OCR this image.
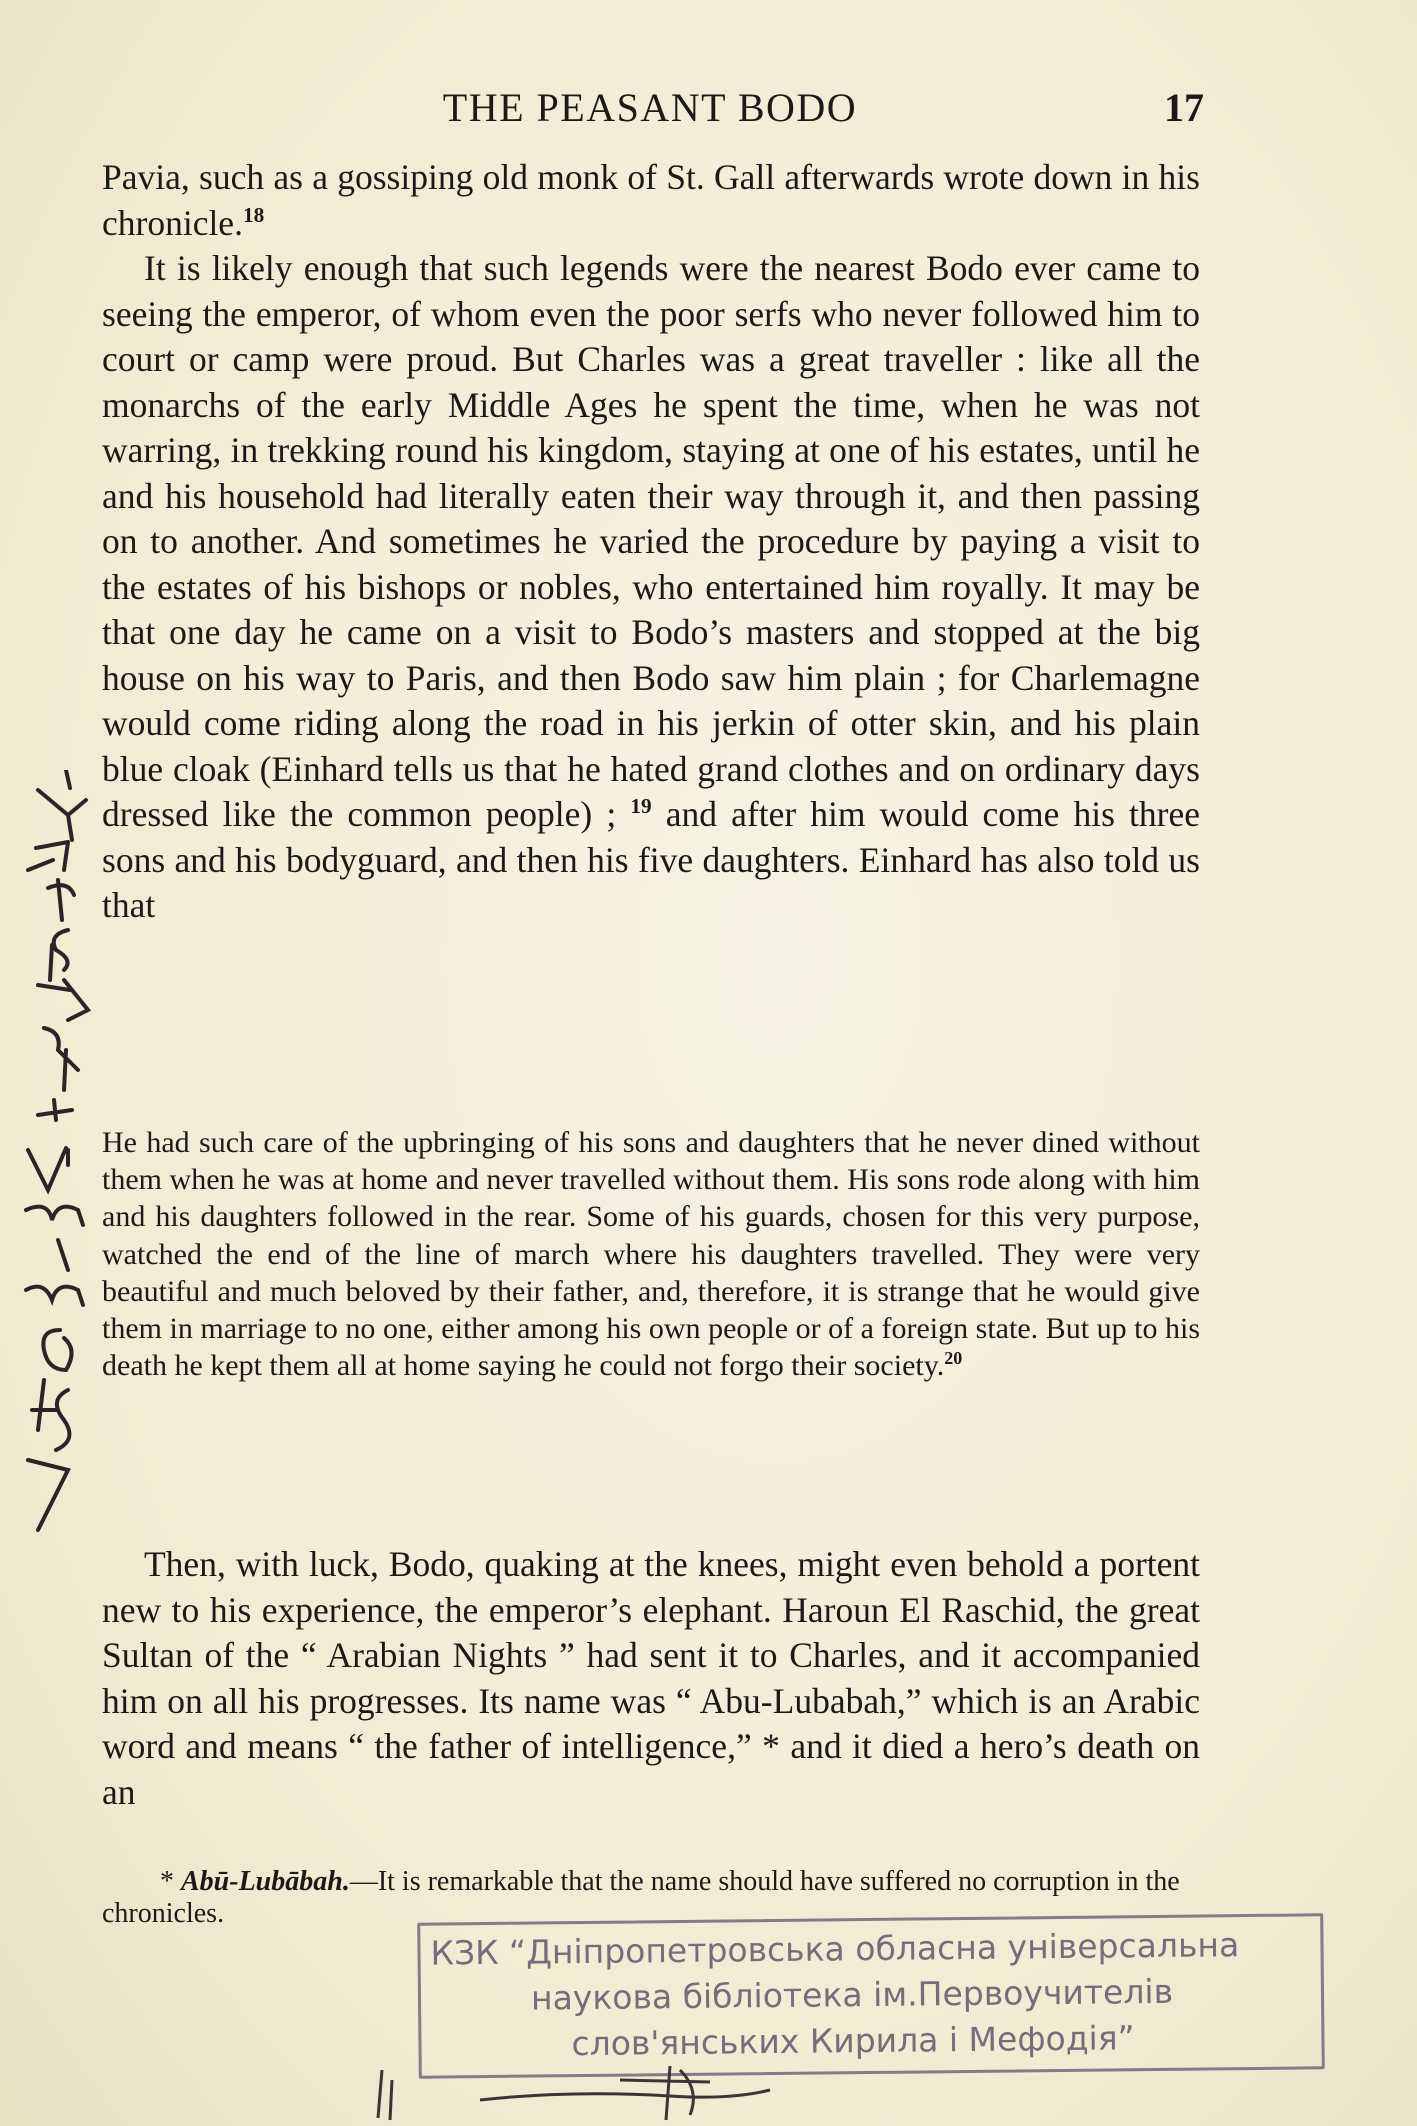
THE PEASANT BODO	17

Pavia, such as a gossiping old monk of St. Gall afterwards wrote down in his chronicle.$^{18}$

It is likely enough that such legends were the nearest Bodo ever came to seeing the emperor, of whom even the poor serfs who never followed him to court or camp were proud. But Charles was a great traveller : like all the monarchs of the early Middle Ages he spent the time, when he was not warring, in trekking round his kingdom, staying at one of his estates, until he and his household had literally eaten their way through it, and then passing on to another. And sometimes he varied the procedure by paying a visit to the estates of his bishops or nobles, who entertained him royally. It may be that one day he came on a visit to Bodo’s masters and stopped at the big house on his way to Paris, and then Bodo saw him plain ; for Charlemagne would come riding along the road in his jerkin of otter skin, and his plain blue cloak (Einhard tells us that he hated grand clothes and on ordinary days dressed like the common people) ; $^{19}$ and after him would come his three sons and his bodyguard, and then his five daughters. Einhard has also told us that

He had such care of the upbringing of his sons and daughters that he never dined without them when he was at home and never travelled without them. His sons rode along with him and his daughters followed in the rear. Some of his guards, chosen for this very purpose, watched the end of the line of march where his daughters travelled. They were very beautiful and much beloved by their father, and, therefore, it is strange that he would give them in marriage to no one, either among his own people or of a foreign state. But up to his death he kept them all at home saying he could not forgo their society.$^{20}$

Then, with luck, Bodo, quaking at the knees, might even behold a portent new to his experience, the emperor’s elephant. Haroun El Raschid, the great Sultan of the “ Arabian Nights ” had sent it to Charles, and it accompanied him on all his progresses. Its name was “ Abu-Lubabah,” which is an Arabic word and means “ the father of intelligence,” * and it died a hero’s death on an

* Abū-Lubābah.—It is remarkable that the name should have suffered no corruption in the chronicles.

КЗК “Дніпропетровська обласна універсальна
наукова бібліотека ім.Первоучителів
слов'янських Кирила і Мефодія”
